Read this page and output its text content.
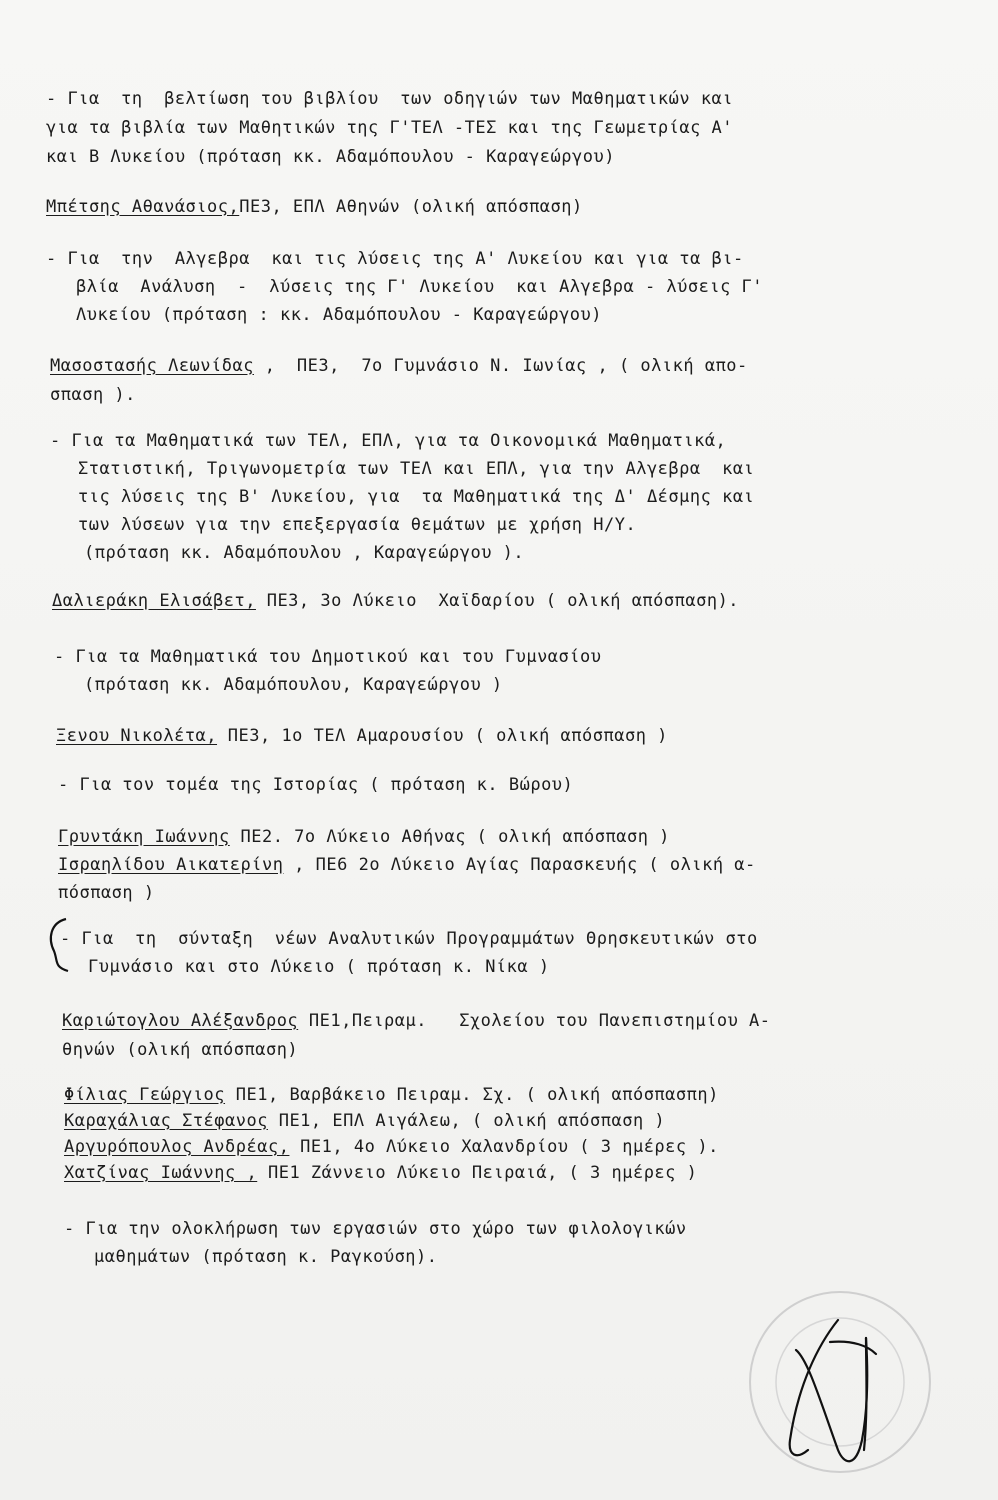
- Για  τη  βελτίωση του βιβλίου  των οδηγιών των Μαθηματικών και
για τα βιβλία των Μαθητικών της Γ'ΤΕΛ -ΤΕΣ και της Γεωμετρίας Α'
και Β Λυκείου (πρόταση κκ. Αδαμόπουλου - Καραγεώργου)
Μπέτσης Αθανάσιος,ΠΕ3, ΕΠΛ Αθηνών (ολική απόσπαση)
- Για  την  Αλγεβρα  και τις λύσεις της Α' Λυκείου και για τα βι-
βλία  Ανάλυση  -  λύσεις της Γ' Λυκείου  και Αλγεβρα - λύσεις Γ'
Λυκείου (πρόταση : κκ. Αδαμόπουλου - Καραγεώργου)
Μασοστασής Λεωνίδας ,  ΠΕ3,  7ο Γυμνάσιο Ν. Ιωνίας , ( ολική απο-
σπαση ).
- Για τα Μαθηματικά των ΤΕΛ, ΕΠΛ, για τα Οικονομικά Μαθηματικά,
Στατιστική, Τριγωνομετρία των ΤΕΛ και ΕΠΛ, για την Αλγεβρα  και
τις λύσεις της Β' Λυκείου, για  τα Μαθηματικά της Δ' Δέσμης και
των λύσεων για την επεξεργασία θεμάτων με χρήση Η/Υ.
(πρόταση κκ. Αδαμόπουλου , Καραγεώργου ).
Δαλιεράκη Ελισάβετ, ΠΕ3, 3ο Λύκειο  Χαϊδαρίου ( ολική απόσπαση).
- Για τα Μαθηματικά του Δημοτικού και του Γυμνασίου
(πρόταση κκ. Αδαμόπουλου, Καραγεώργου )
Ξενου Νικολέτα, ΠΕ3, 1ο ΤΕΛ Αμαρουσίου ( ολική απόσπαση )
- Για τον τομέα της Ιστορίας ( πρόταση κ. Βώρου)
Γρυντάκη Ιωάννης ΠΕ2. 7ο Λύκειο Αθήνας ( ολική απόσπαση )
Ισραηλίδου Αικατερίνη , ΠΕ6 2ο Λύκειο Αγίας Παρασκευής ( ολική α-
πόσπαση )
- Για  τη  σύνταξη  νέων Αναλυτικών Προγραμμάτων Θρησκευτικών στο
Γυμνάσιο και στο Λύκειο ( πρόταση κ. Νίκα )
Καριώτογλου Αλέξανδρος ΠΕ1,Πειραμ.   Σχολείου του Πανεπιστημίου Α-
θηνών (ολική απόσπαση)
Φίλιας Γεώργιος ΠΕ1, Βαρβάκειο Πειραμ. Σχ. ( ολική απόσπασπη)
Καραχάλιας Στέφανος ΠΕ1, ΕΠΛ Αιγάλεω, ( ολική απόσπαση )
Αργυρόπουλος Ανδρέας, ΠΕ1, 4ο Λύκειο Χαλανδρίου ( 3 ημέρες ).
Χατζίνας Ιωάννης , ΠΕ1 Ζάννειο Λύκειο Πειραιά, ( 3 ημέρες )
- Για την ολοκλήρωση των εργασιών στο χώρο των φιλολογικών
μαθημάτων (πρόταση κ. Ραγκούση).
